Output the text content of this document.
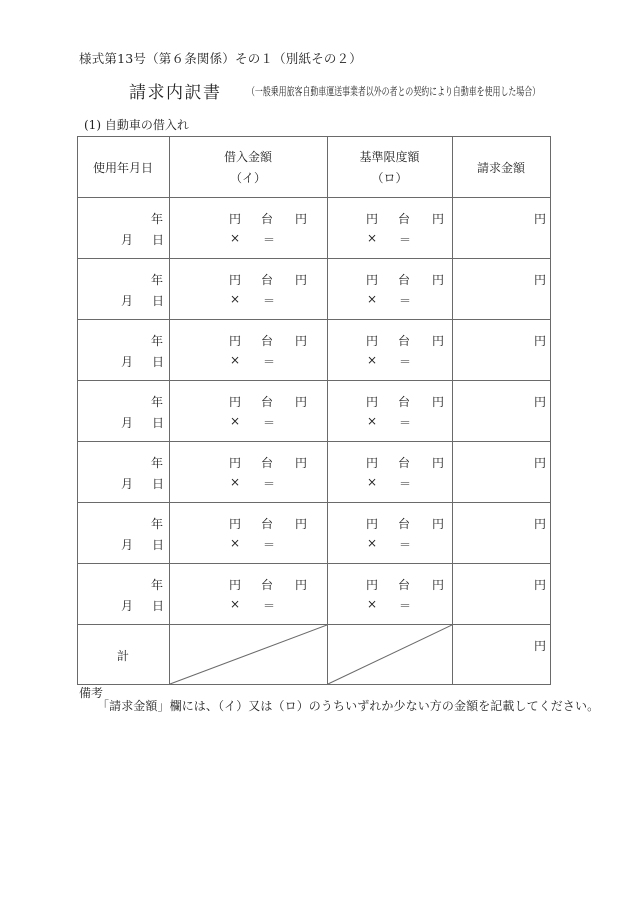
様式第13号（第６条関係）その１（別紙その２）
請求内訳書 （一般乗用旅客自動車運送事業者以外の者との契約により自動車を使用した場合）
(1) 自動車の借入れ
使用年月日
借入金額
（イ）
基準限度額
（ロ）
請求金額
年
月 日
円 台 円
× ＝
円 台 円
× ＝
円
年
月 日
円 台 円
× ＝
円 台 円
× ＝
円
年
月 日
円 台 円
× ＝
円 台 円
× ＝
円
年
月 日
円 台 円
× ＝
円 台 円
× ＝
円
年
月 日
円 台 円
× ＝
円 台 円
× ＝
円
年
月 日
円 台 円
× ＝
円 台 円
× ＝
円
年
月 日
円 台 円
× ＝
円 台 円
× ＝
円
計
円
備考
「請求金額」欄には、（イ）又は（ロ）のうちいずれか少ない方の金額を記載してください。
